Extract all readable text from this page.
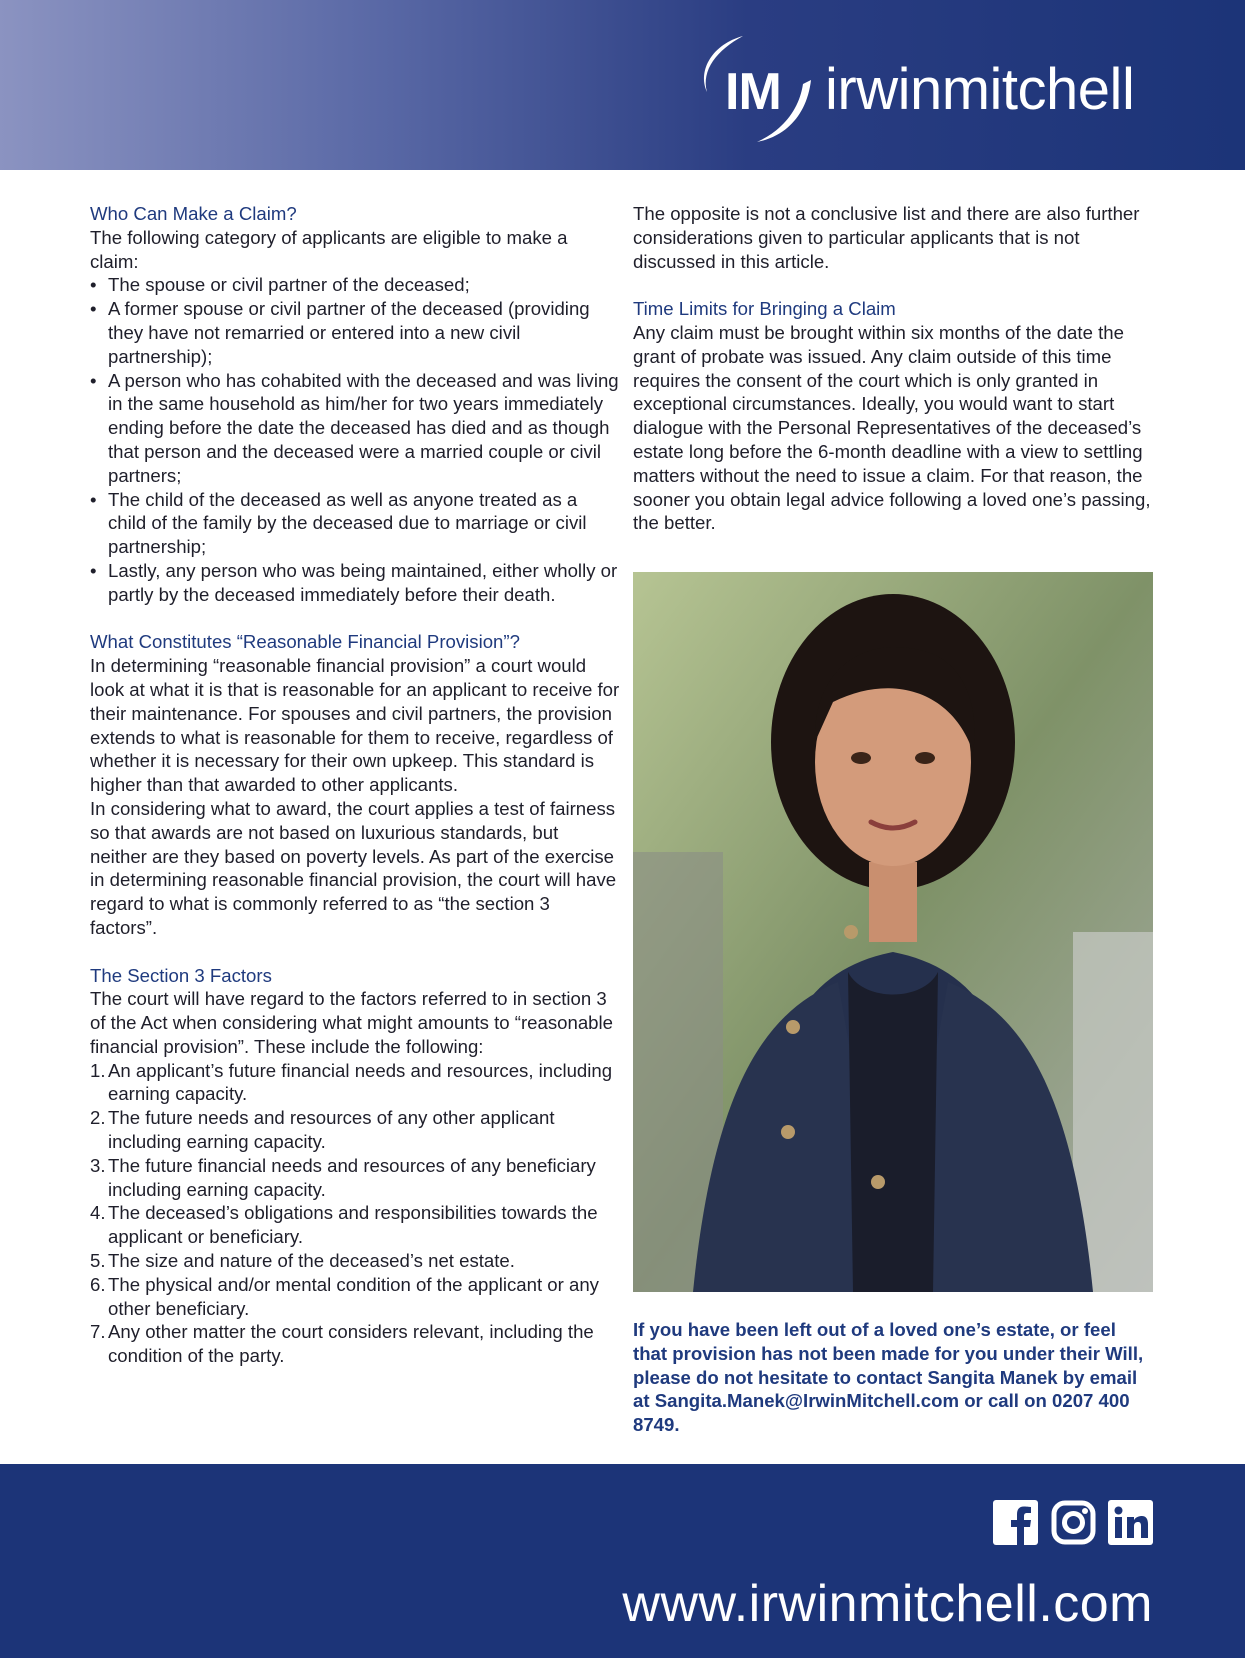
IM irwinmitchell
Who Can Make a Claim?

The following category of applicants are eligible to make a claim:

• The spouse or civil partner of the deceased;
• A former spouse or civil partner of the deceased (providing they have not remarried or entered into a new civil partnership);
• A person who has cohabited with the deceased and was living in the same household as him/her for two years immediately ending before the date the deceased has died and as though that person and the deceased were a married couple or civil partners;
• The child of the deceased as well as anyone treated as a child of the family by the deceased due to marriage or civil partnership;
• Lastly, any person who was being maintained, either wholly or partly by the deceased immediately before their death.
What Constitutes “Reasonable Financial Provision”?

In determining “reasonable financial provision” a court would look at what it is that is reasonable for an applicant to receive for their maintenance. For spouses and civil partners, the provision extends to what is reasonable for them to receive, regardless of whether it is necessary for their own upkeep. This standard is higher than that awarded to other applicants.

In considering what to award, the court applies a test of fairness so that awards are not based on luxurious standards, but neither are they based on poverty levels. As part of the exercise in determining reasonable financial provision, the court will have regard to what is commonly referred to as “the section 3 factors”.

The Section 3 Factors

The court will have regard to the factors referred to in section 3 of the Act when considering what might amounts to “reasonable financial provision”. These include the following:

1. An applicant’s future financial needs and resources, including earning capacity.
2. The future needs and resources of any other applicant including earning capacity.
3. The future financial needs and resources of any beneficiary including earning capacity.
4. The deceased’s obligations and responsibilities towards the applicant or beneficiary.
5. The size and nature of the deceased’s net estate.
6. The physical and/or mental condition of the applicant or any other beneficiary.
7. Any other matter the court considers relevant, including the condition of the party.

The opposite is not a conclusive list and there are also further considerations given to particular applicants that is not discussed in this article.

Time Limits for Bringing a Claim

Any claim must be brought within six months of the date the grant of probate was issued. Any claim outside of this time requires the consent of the court which is only granted in exceptional circumstances. Ideally, you would want to start dialogue with the Personal Representatives of the deceased’s estate long before the 6-month deadline with a view to settling matters without the need to issue a claim. For that reason, the sooner you obtain legal advice following a loved one’s passing, the better.

If you have been left out of a loved one’s estate, or feel that provision has not been made for you under their Will, please do not hesitate to contact Sangita Manek by email at Sangita.Manek@IrwinMitchell.com or call on 0207 400 8749.
www.irwinmitchell.com
